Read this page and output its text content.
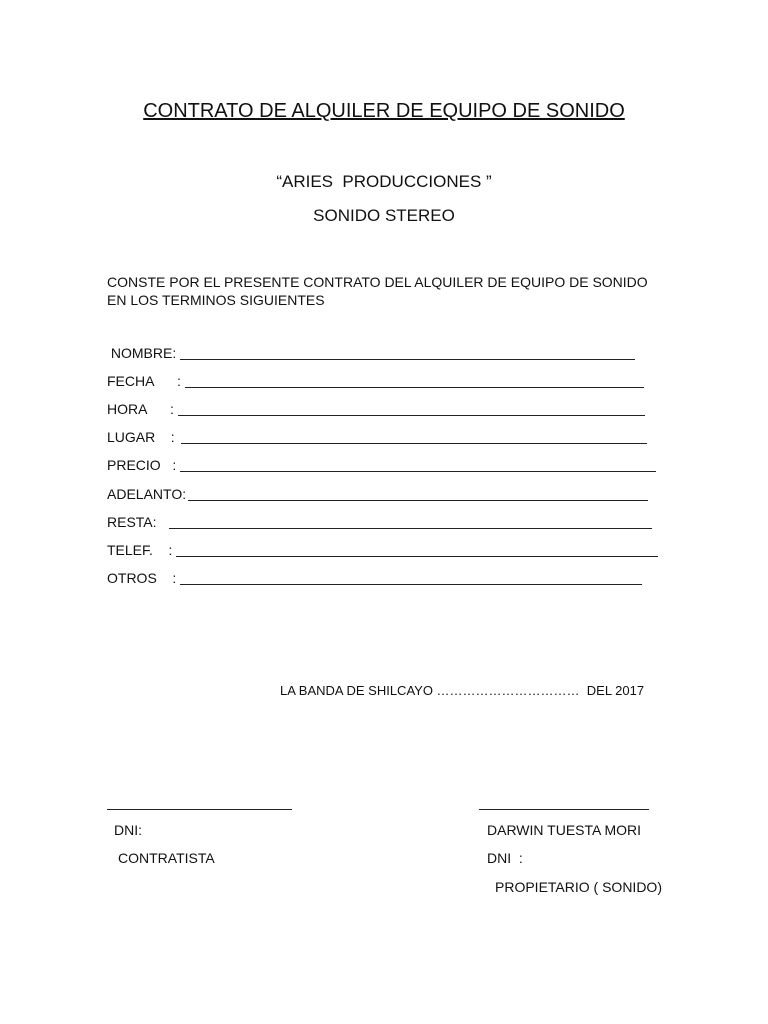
CONTRATO DE ALQUILER DE EQUIPO DE SONIDO
“ARIES  PRODUCCIONES ”
SONIDO STEREO
CONSTE POR EL PRESENTE CONTRATO DEL ALQUILER DE EQUIPO DE SONIDO EN LOS TERMINOS SIGUIENTES
NOMBRE:
FECHA      :
HORA      :
LUGAR    :
PRECIO   :
ADELANTO:
RESTA:
TELEF.    :
OTROS    :
LA BANDA DE SHILCAYO ……………………………  DEL 2017
DNI:
CONTRATISTA
DARWIN TUESTA MORI
DNI  :
PROPIETARIO ( SONIDO)
